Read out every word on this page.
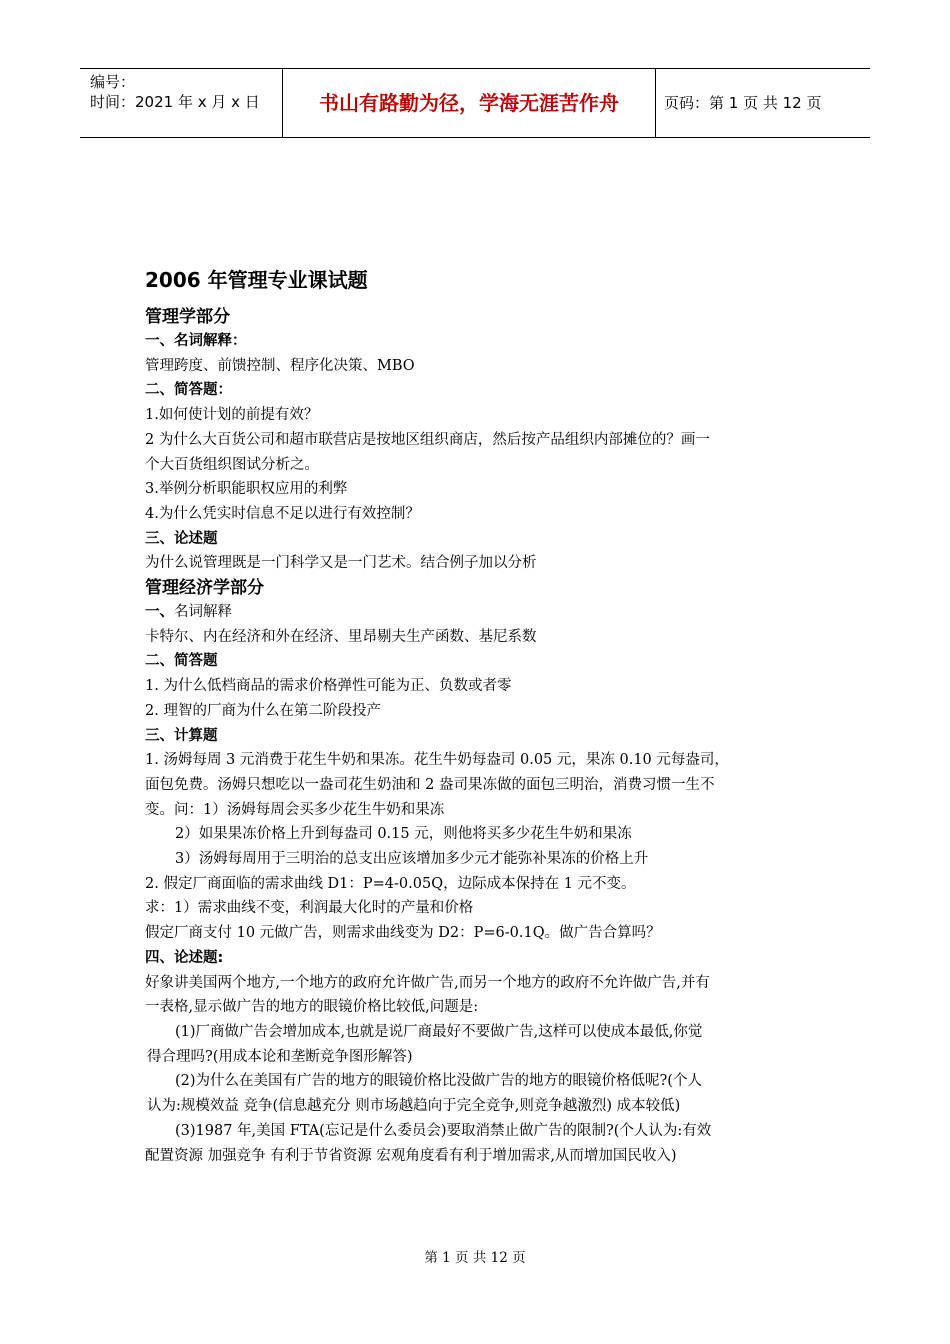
编号：
时间：2021 年 x 月 x 日	书山有路勤为径，学海无涯苦作舟	页码：第 1 页 共 12 页
2006 年管理专业课试题
管理学部分
一、名词解释：
管理跨度、前馈控制、程序化决策、MBO
二、简答题：
1.如何使计划的前提有效？
2 为什么大百货公司和超市联营店是按地区组织商店，然后按产品组织内部摊位的？画一
个大百货组织图试分析之。
3.举例分析职能职权应用的利弊
4.为什么凭实时信息不足以进行有效控制？
三、论述题
为什么说管理既是一门科学又是一门艺术。结合例子加以分析
管理经济学部分
一、名词解释
卡特尔、内在经济和外在经济、里昂剔夫生产函数、基尼系数
二、简答题
1. 为什么低档商品的需求价格弹性可能为正、负数或者零
2. 理智的厂商为什么在第二阶段投产
三、计算题
1. 汤姆每周 3 元消费于花生牛奶和果冻。花生牛奶每盎司 0.05 元，果冻 0.10 元每盎司，
面包免费。汤姆只想吃以一盎司花生奶油和 2 盎司果冻做的面包三明治，消费习惯一生不
变。问：1）汤姆每周会买多少花生牛奶和果冻
2）如果果冻价格上升到每盎司 0.15 元，则他将买多少花生牛奶和果冻
3）汤姆每周用于三明治的总支出应该增加多少元才能弥补果冻的价格上升
2. 假定厂商面临的需求曲线 D1：P=4-0.05Q，边际成本保持在 1 元不变。
求：1）需求曲线不变，利润最大化时的产量和价格
假定厂商支付 10 元做广告，则需求曲线变为 D2：P=6-0.1Q。做广告合算吗？
四、论述题:
好象讲美国两个地方,一个地方的政府允许做广告,而另一个地方的政府不允许做广告,并有
一表格,显示做广告的地方的眼镜价格比较低,问题是:
(1)厂商做广告会增加成本,也就是说厂商最好不要做广告,这样可以使成本最低,你觉
得合理吗?(用成本论和垄断竞争图形解答)
(2)为什么在美国有广告的地方的眼镜价格比没做广告的地方的眼镜价格低呢?(个人
认为:规模效益 竞争(信息越充分 则市场越趋向于完全竞争,则竞争越激烈) 成本较低)
(3)1987 年,美国 FTA(忘记是什么委员会)要取消禁止做广告的限制?(个人认为:有效
配置资源 加强竞争 有利于节省资源 宏观角度看有利于增加需求,从而增加国民收入)
第 1 页 共 12 页
